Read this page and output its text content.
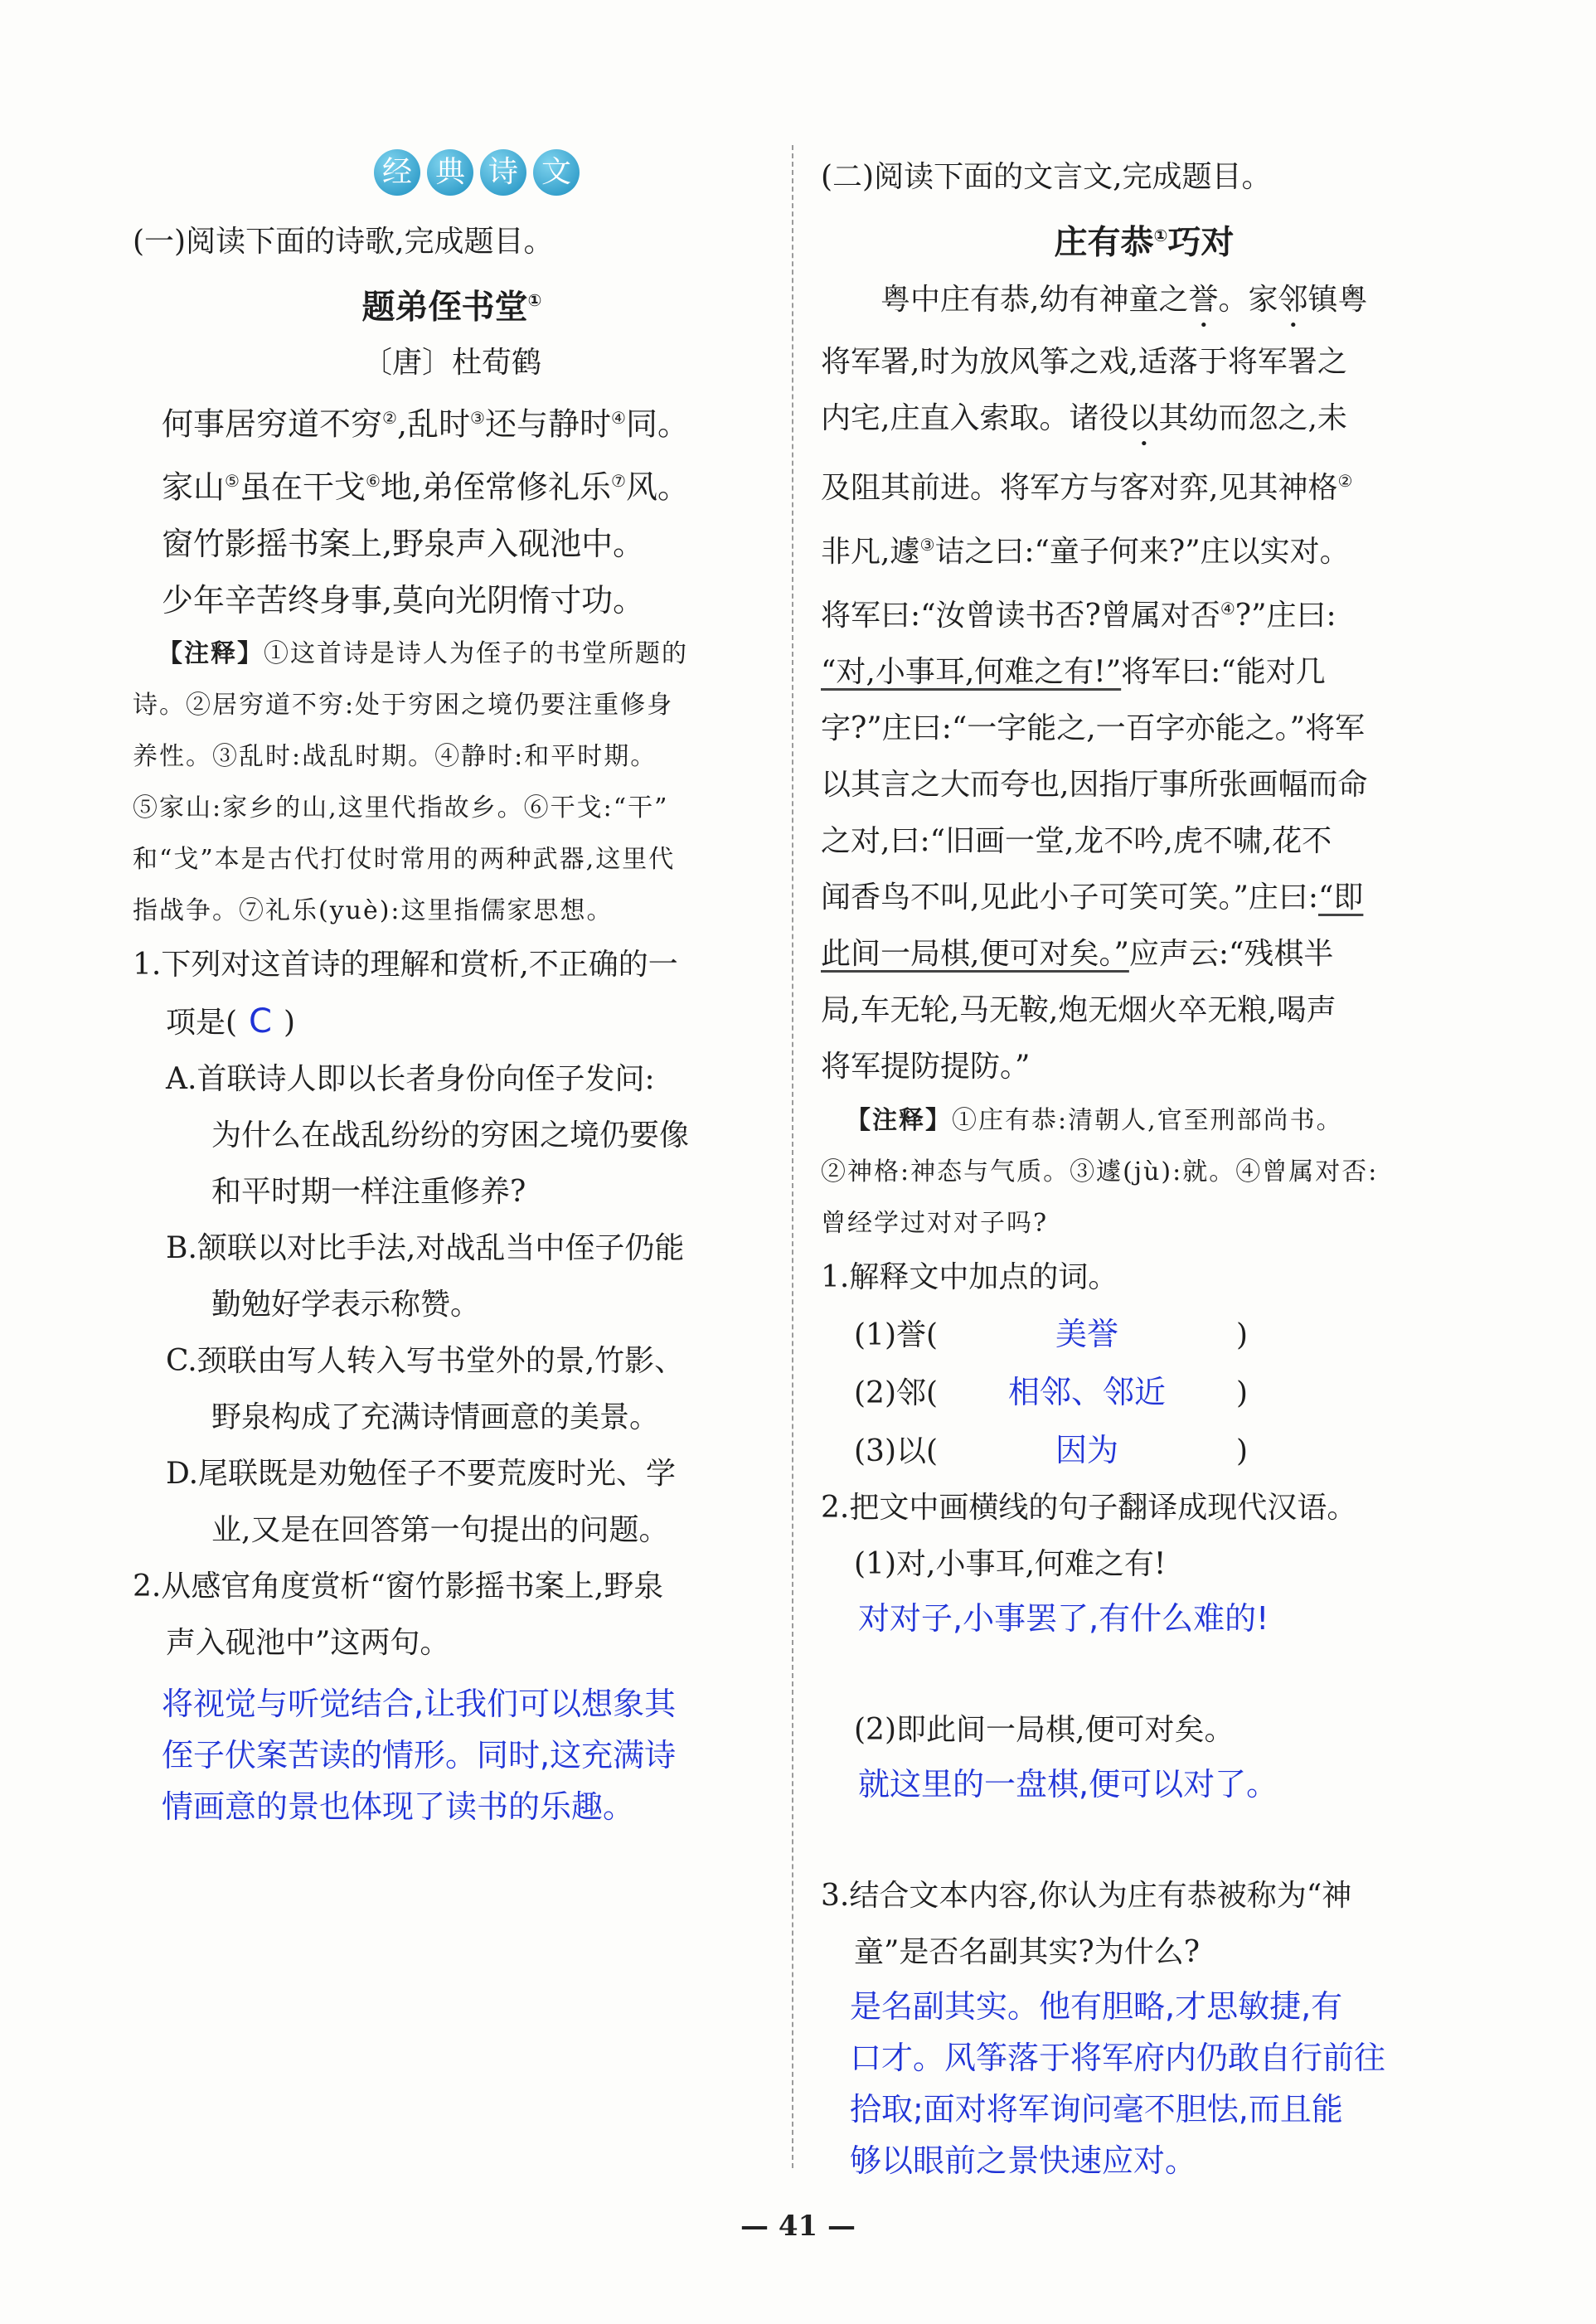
经 典 诗 文
(一)阅读下面的诗歌,完成题目。
题弟侄书堂①
〔唐〕杜荀鹤
何事居穷道不穷②,乱时③还与静时④同。
家山⑤虽在干戈⑥地,弟侄常修礼乐⑦风。
窗竹影摇书案上,野泉声入砚池中。
少年辛苦终身事,莫向光阴惰寸功。
【注释】①这首诗是诗人为侄子的书堂所题的
诗。②居穷道不穷:处于穷困之境仍要注重修身
养性。③乱时:战乱时期。④静时:和平时期。
⑤家山:家乡的山,这里代指故乡。⑥干戈:“干”
和“戈”本是古代打仗时常用的两种武器,这里代
指战争。⑦礼乐(yuè):这里指儒家思想。
1.下列对这首诗的理解和赏析,不正确的一
项是( C )
A.首联诗人即以长者身份向侄子发问:
为什么在战乱纷纷的穷困之境仍要像
和平时期一样注重修养?
B.颔联以对比手法,对战乱当中侄子仍能
勤勉好学表示称赞。
C.颈联由写人转入写书堂外的景,竹影、
野泉构成了充满诗情画意的美景。
D.尾联既是劝勉侄子不要荒废时光、学
业,又是在回答第一句提出的问题。
2.从感官角度赏析“窗竹影摇书案上,野泉
声入砚池中”这两句。
将视觉与听觉结合,让我们可以想象其
侄子伏案苦读的情形。同时,这充满诗
情画意的景也体现了读书的乐趣。
(二)阅读下面的文言文,完成题目。
庄有恭①巧对
粤中庄有恭,幼有神童之誉。家邻镇粤
将军署,时为放风筝之戏,适落于将军署之
内宅,庄直入索取。诸役以其幼而忽之,未
及阻其前进。将军方与客对弈,见其神格②
非凡,遽③诘之曰:“童子何来?”庄以实对。
将军曰:“汝曾读书否?曾属对否④?”庄曰:
“对,小事耳,何难之有!”将军曰:“能对几
字?”庄曰:“一字能之,一百字亦能之。”将军
以其言之大而夸也,因指厅事所张画幅而命
之对,曰:“旧画一堂,龙不吟,虎不啸,花不
闻香鸟不叫,见此小子可笑可笑。”庄曰:“即
此间一局棋,便可对矣。”应声云:“残棋半
局,车无轮,马无鞍,炮无烟火卒无粮,喝声
将军提防提防。”
【注释】①庄有恭:清朝人,官至刑部尚书。
②神格:神态与气质。③遽(jù):就。④曾属对否:
曾经学过对对子吗?
1.解释文中加点的词。
(1)誉(	美誉	)
(2)邻( 相邻、邻近 )
(3)以(	因为	)
2.把文中画横线的句子翻译成现代汉语。
(1)对,小事耳,何难之有!
对对子,小事罢了,有什么难的!
(2)即此间一局棋,便可对矣。
就这里的一盘棋,便可以对了。
3.结合文本内容,你认为庄有恭被称为“神
童”是否名副其实?为什么?
是名副其实。他有胆略,才思敏捷,有
口才。风筝落于将军府内仍敢自行前往
拾取;面对将军询问毫不胆怯,而且能
够以眼前之景快速应对。
— 41 —
